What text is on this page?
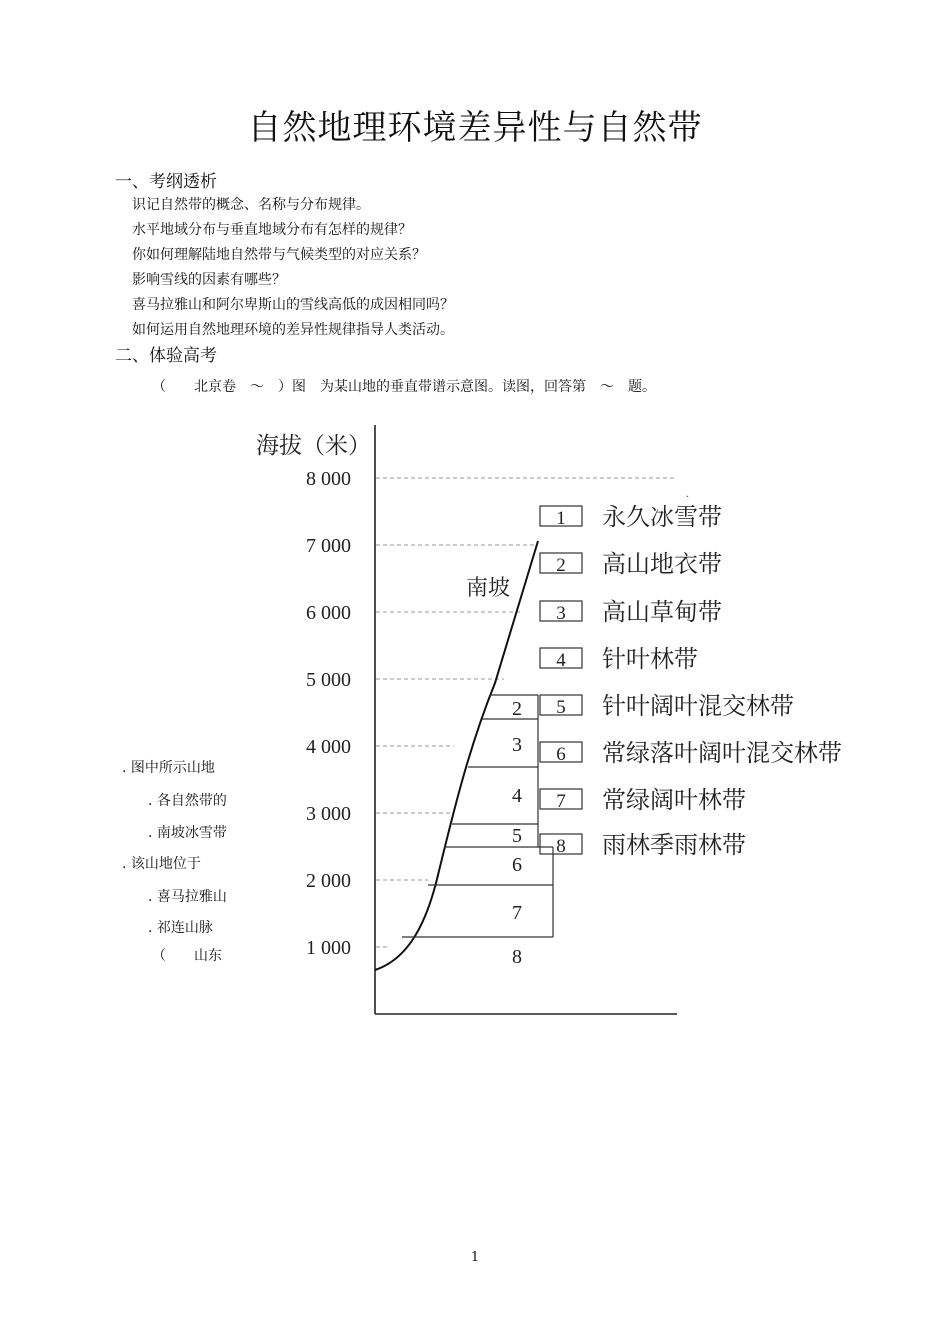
自然地理环境差异性与自然带
一、考纲透析
识记自然带的概念、名称与分布规律。
水平地域分布与垂直地域分布有怎样的规律？
你如何理解陆地自然带与气候类型的对应关系？
影响雪线的因素有哪些？
喜马拉雅山和阿尔卑斯山的雪线高低的成因相同吗？
如何运用自然地理环境的差异性规律指导人类活动。
二、体验高考
（　　北京卷　～　）图　为某山地的垂直带谱示意图。读图，回答第　～　题。
. 图中所示山地
. 各自然带的
. 南坡冰雪带
. 该山地位于
. 喜马拉雅山
. 祁连山脉
（　　山东
海拔（米）
8 000
7 000
6 000
5 000
4 000
3 000
2 000
1 000
.
南坡
2
3
4
5
6
7
8
1 永久冰雪带
2 高山地衣带
3 高山草甸带
4 针叶林带
5 针叶阔叶混交林带
6 常绿落叶阔叶混交林带
7 常绿阔叶林带
8 雨林季雨林带
1
